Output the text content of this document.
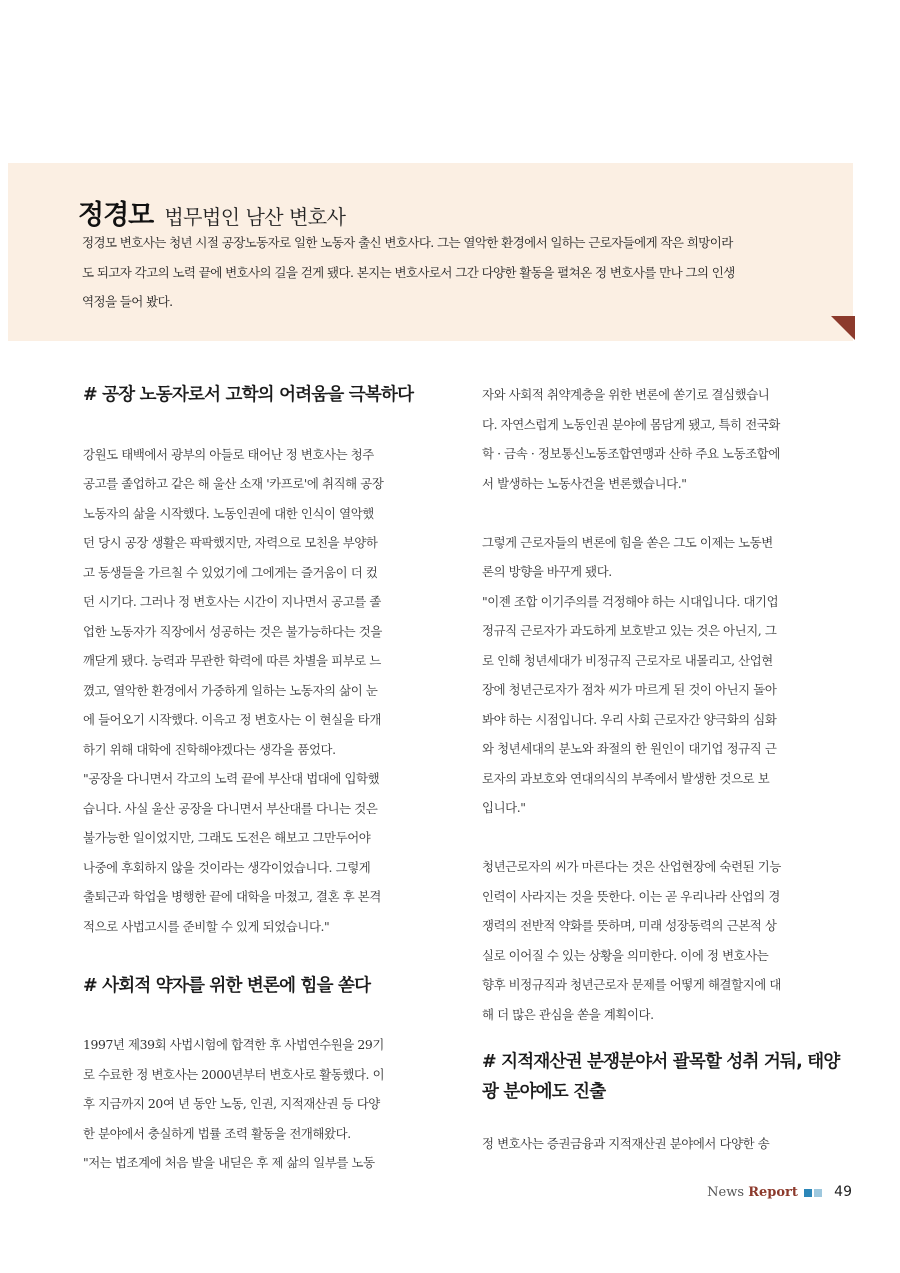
정경모 법무법인 남산 변호사
정경모 변호사는 청년 시절 공장노동자로 일한 노동자 출신 변호사다. 그는 열악한 환경에서 일하는 근로자들에게 작은 희망이라
도 되고자 각고의 노력 끝에 변호사의 길을 걷게 됐다. 본지는 변호사로서 그간 다양한 활동을 펼쳐온 정 변호사를 만나 그의 인생
역정을 들어 봤다.
# 공장 노동자로서 고학의 어려움을 극복하다
강원도 태백에서 광부의 아들로 태어난 정 변호사는 청주
공고를 졸업하고 같은 해 울산 소재 '카프로'에 취직해 공장
노동자의 삶을 시작했다. 노동인권에 대한 인식이 열악했
던 당시 공장 생활은 팍팍했지만, 자력으로 모친을 부양하
고 동생들을 가르칠 수 있었기에 그에게는 즐거움이 더 컸
던 시기다. 그러나 정 변호사는 시간이 지나면서 공고를 졸
업한 노동자가 직장에서 성공하는 것은 불가능하다는 것을
깨닫게 됐다. 능력과 무관한 학력에 따른 차별을 피부로 느
꼈고, 열악한 환경에서 가중하게 일하는 노동자의 삶이 눈
에 들어오기 시작했다. 이윽고 정 변호사는 이 현실을 타개
하기 위해 대학에 진학해야겠다는 생각을 품었다.
"공장을 다니면서 각고의 노력 끝에 부산대 법대에 입학했
습니다. 사실 울산 공장을 다니면서 부산대를 다니는 것은
불가능한 일이었지만, 그래도 도전은 해보고 그만두어야
나중에 후회하지 않을 것이라는 생각이었습니다. 그렇게
출퇴근과 학업을 병행한 끝에 대학을 마쳤고, 결혼 후 본격
적으로 사법고시를 준비할 수 있게 되었습니다."
# 사회적 약자를 위한 변론에 힘을 쏟다
1997년 제39회 사법시험에 합격한 후 사법연수원을 29기
로 수료한 정 변호사는 2000년부터 변호사로 활동했다. 이
후 지금까지 20여 년 동안 노동, 인권, 지적재산권 등 다양
한 분야에서 충실하게 법률 조력 활동을 전개해왔다.
"저는 법조계에 처음 발을 내딛은 후 제 삶의 일부를 노동
자와 사회적 취약계층을 위한 변론에 쏟기로 결심했습니
다. 자연스럽게 노동인권 분야에 몸담게 됐고, 특히 전국화
학 · 금속 · 정보통신노동조합연맹과 산하 주요 노동조합에
서 발생하는 노동사건을 변론했습니다."
그렇게 근로자들의 변론에 힘을 쏟은 그도 이제는 노동변
론의 방향을 바꾸게 됐다.
"이젠 조합 이기주의를 걱정해야 하는 시대입니다. 대기업
정규직 근로자가 과도하게 보호받고 있는 것은 아닌지, 그
로 인해 청년세대가 비정규직 근로자로 내몰리고, 산업현
장에 청년근로자가 점차 씨가 마르게 된 것이 아닌지 돌아
봐야 하는 시점입니다. 우리 사회 근로자간 양극화의 심화
와 청년세대의 분노와 좌절의 한 원인이 대기업 정규직 근
로자의 과보호와 연대의식의 부족에서 발생한 것으로 보
입니다."
청년근로자의 씨가 마른다는 것은 산업현장에 숙련된 기능
인력이 사라지는 것을 뜻한다. 이는 곧 우리나라 산업의 경
쟁력의 전반적 약화를 뜻하며, 미래 성장동력의 근본적 상
실로 이어질 수 있는 상황을 의미한다. 이에 정 변호사는
향후 비정규직과 청년근로자 문제를 어떻게 해결할지에 대
해 더 많은 관심을 쏟을 계획이다.
# 지적재산권 분쟁분야서 괄목할 성취 거둬, 태양
광 분야에도 진출
정 변호사는 증권금융과 지적재산권 분야에서 다양한 송
News Report	49
